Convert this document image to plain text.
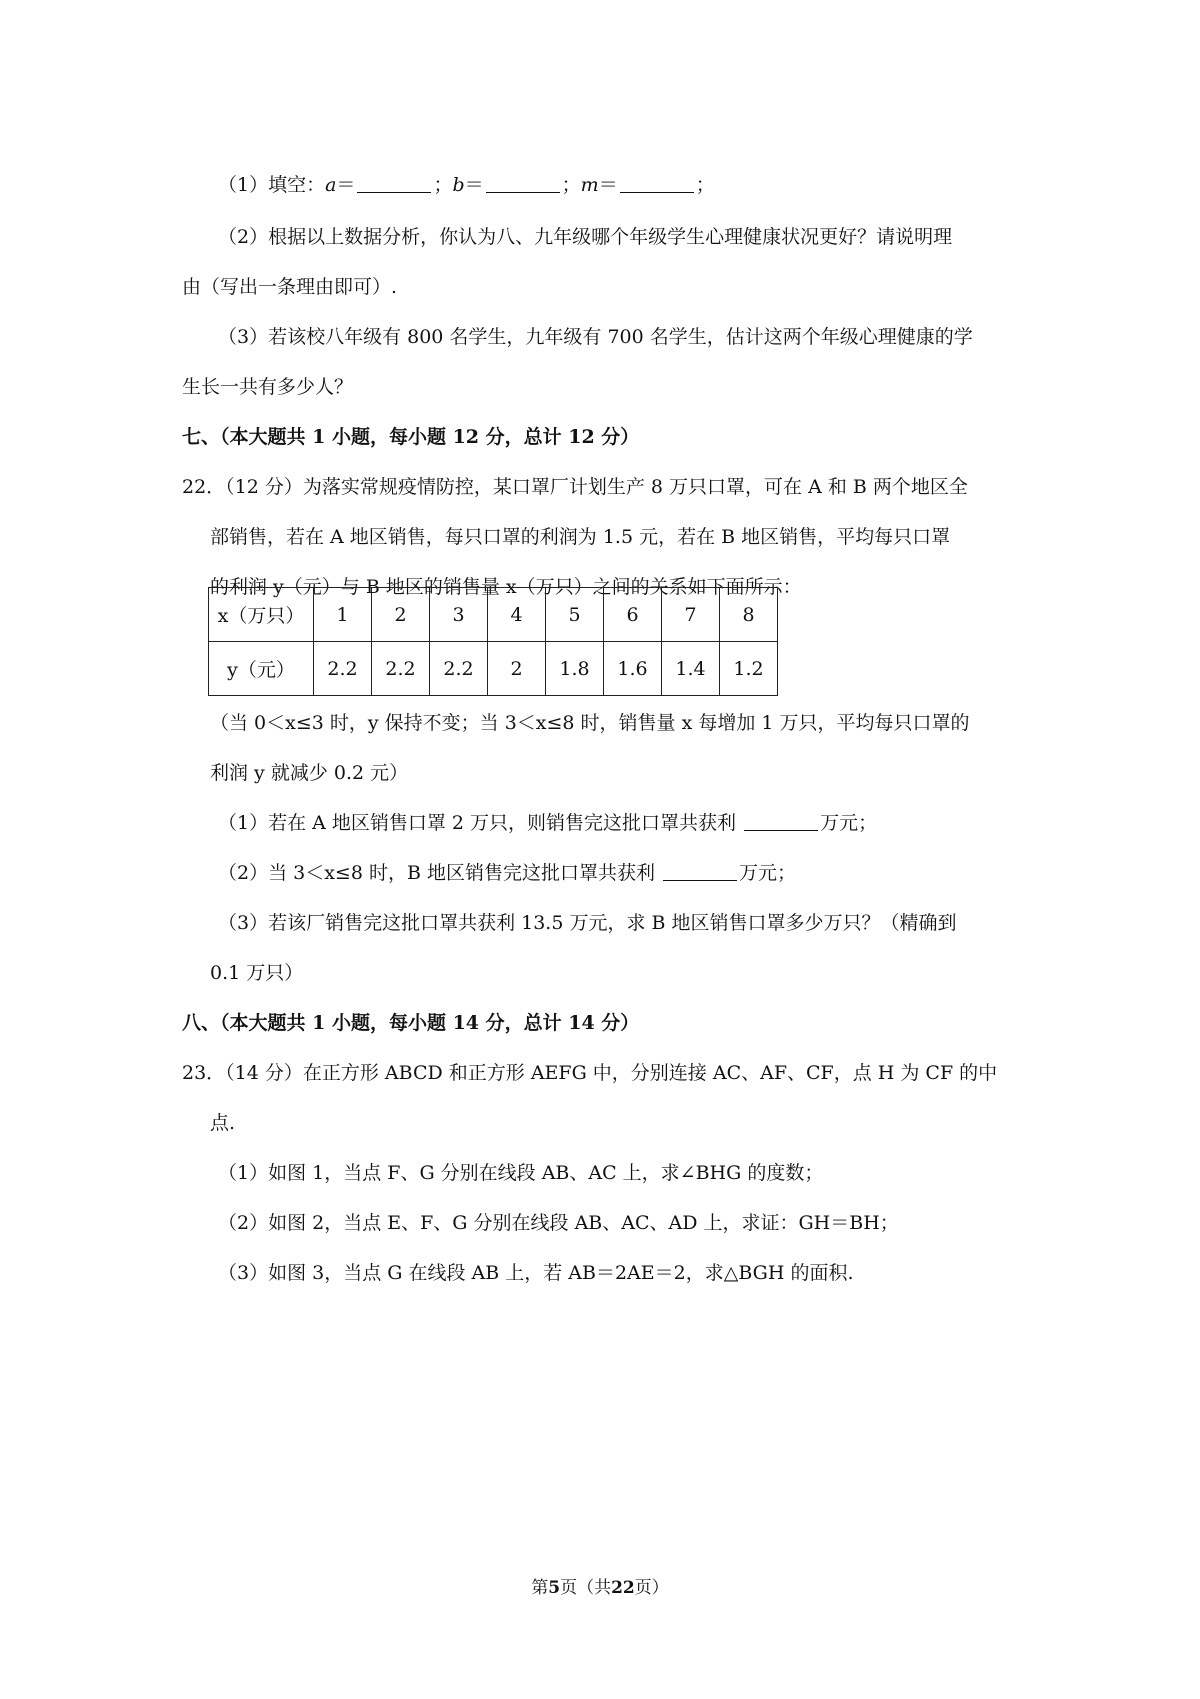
（1）填空：a＝	；b＝	；m＝	；
（2）根据以上数据分析，你认为八、九年级哪个年级学生心理健康状况更好？请说明理
由（写出一条理由即可）.
（3）若该校八年级有 800 名学生，九年级有 700 名学生，估计这两个年级心理健康的学
生长一共有多少人？
七、（本大题共 1 小题，每小题 12 分，总计 12 分）
22．（12 分）为落实常规疫情防控，某口罩厂计划生产 8 万只口罩，可在 A 和 B 两个地区全
部销售，若在 A 地区销售，每只口罩的利润为 1.5 元，若在 B 地区销售，平均每只口罩
的利润 y（元）与 B 地区的销售量 x（万只）之间的关系如下面所示：
x（万只）	1	2	3	4	5	6	7	8
y（元）	2.2	2.2	2.2	2	1.8	1.6	1.4	1.2
（当 0＜x≤3 时，y 保持不变；当 3＜x≤8 时，销售量 x 每增加 1 万只，平均每只口罩的
利润 y 就减少 0.2 元）
（1）若在 A 地区销售口罩 2 万只，则销售完这批口罩共获利	万元；
（2）当 3＜x≤8 时，B 地区销售完这批口罩共获利	万元；
（3）若该厂销售完这批口罩共获利 13.5 万元，求 B 地区销售口罩多少万只？（精确到
0.1 万只）
八、（本大题共 1 小题，每小题 14 分，总计 14 分）
23．（14 分）在正方形 ABCD 和正方形 AEFG 中，分别连接 AC、AF、CF，点 H 为 CF 的中
点.
（1）如图 1，当点 F、G 分别在线段 AB、AC 上，求∠BHG 的度数；
（2）如图 2，当点 E、F、G 分别在线段 AB、AC、AD 上，求证：GH＝BH；
（3）如图 3，当点 G 在线段 AB 上，若 AB＝2AE＝2，求△BGH 的面积.
第5页（共22页）
